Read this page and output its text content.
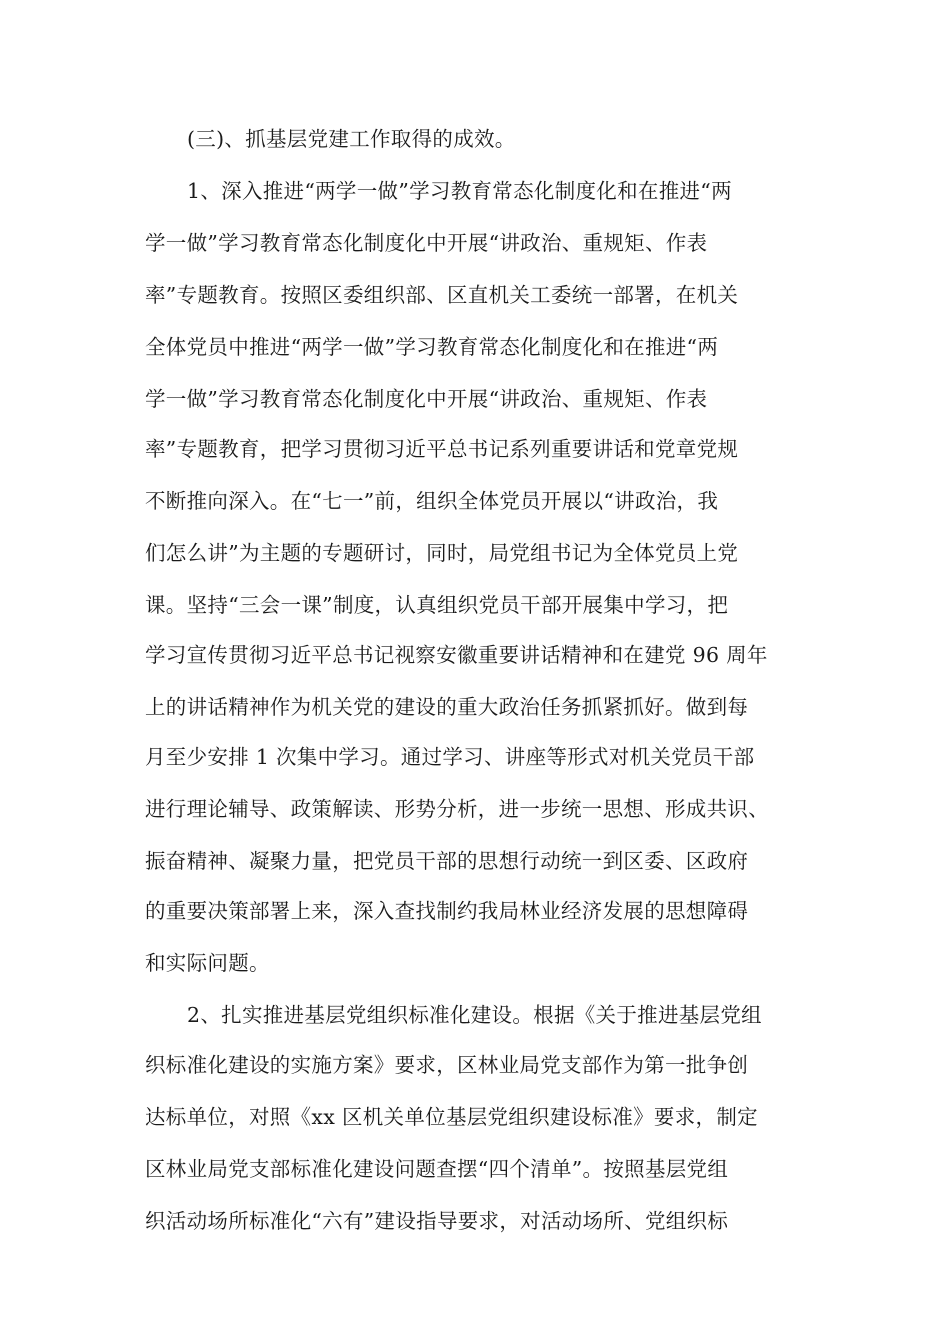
(三)、抓基层党建工作取得的成效。
1、深入推进“两学一做”学习教育常态化制度化和在推进“两
学一做”学习教育常态化制度化中开展“讲政治、重规矩、作表
率”专题教育。按照区委组织部、区直机关工委统一部署，在机关
全体党员中推进“两学一做”学习教育常态化制度化和在推进“两
学一做”学习教育常态化制度化中开展“讲政治、重规矩、作表
率”专题教育，把学习贯彻习近平总书记系列重要讲话和党章党规
不断推向深入。在“七一”前，组织全体党员开展以“讲政治，我
们怎么讲”为主题的专题研讨，同时，局党组书记为全体党员上党
课。坚持“三会一课”制度，认真组织党员干部开展集中学习，把
学习宣传贯彻习近平总书记视察安徽重要讲话精神和在建党 96 周年
上的讲话精神作为机关党的建设的重大政治任务抓紧抓好。做到每
月至少安排 1 次集中学习。通过学习、讲座等形式对机关党员干部
进行理论辅导、政策解读、形势分析，进一步统一思想、形成共识、
振奋精神、凝聚力量，把党员干部的思想行动统一到区委、区政府
的重要决策部署上来，深入查找制约我局林业经济发展的思想障碍
和实际问题。
2、扎实推进基层党组织标准化建设。根据《关于推进基层党组
织标准化建设的实施方案》要求，区林业局党支部作为第一批争创
达标单位，对照《xx 区机关单位基层党组织建设标准》要求，制定
区林业局党支部标准化建设问题查摆“四个清单”。按照基层党组
织活动场所标准化“六有”建设指导要求，对活动场所、党组织标
